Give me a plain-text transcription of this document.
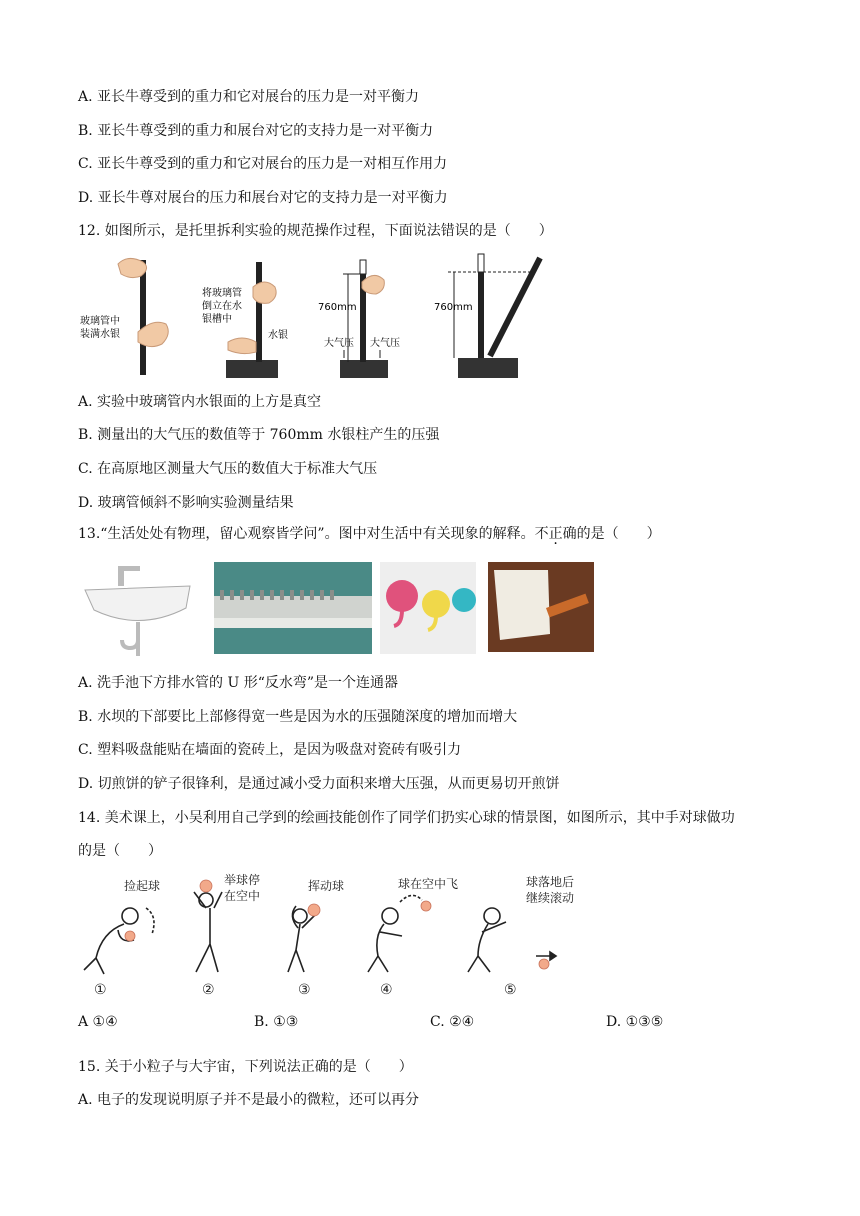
A. 亚长牛尊受到的重力和它对展台的压力是一对平衡力
B. 亚长牛尊受到的重力和展台对它的支持力是一对平衡力
C. 亚长牛尊受到的重力和它对展台的压力是一对相互作用力
D. 亚长牛尊对展台的压力和展台对它的支持力是一对平衡力
12. 如图所示，是托里拆利实验的规范操作过程，下面说法错误的是（　　）
玻璃管中
装满水银
将玻璃管
倒立在水
银槽中
水银
760mm
大气压 大气压
760mm
A. 实验中玻璃管内水银面的上方是真空
B. 测量出的大气压的数值等于 760mm 水银柱产生的压强
C. 在高原地区测量大气压的数值大于标准大气压
D. 玻璃管倾斜不影响实验测量结果
13.“生活处处有物理，留心观察皆学问”。图中对生活中有关现象的解释。不正确的是（　　）
A. 洗手池下方排水管的 U 形“反水弯”是一个连通器
B. 水坝的下部要比上部修得宽一些是因为水的压强随深度的增加而增大
C. 塑料吸盘能贴在墙面的瓷砖上，是因为吸盘对瓷砖有吸引力
D. 切煎饼的铲子很锋利，是通过减小受力面积来增大压强，从而更易切开煎饼
14. 美术课上，小吴利用自己学到的绘画技能创作了同学们扔实心球的情景图，如图所示，其中手对球做功
的是（　　）
捡起球	举球停
在空中
挥动球	球在空中飞	球落地后
继续滚动
①	②	③	④	⑤
A ①④	B. ①③	C. ②④	D. ①③⑤
15. 关于小粒子与大宇宙，下列说法正确的是（　　）
A. 电子的发现说明原子并不是最小的微粒，还可以再分
